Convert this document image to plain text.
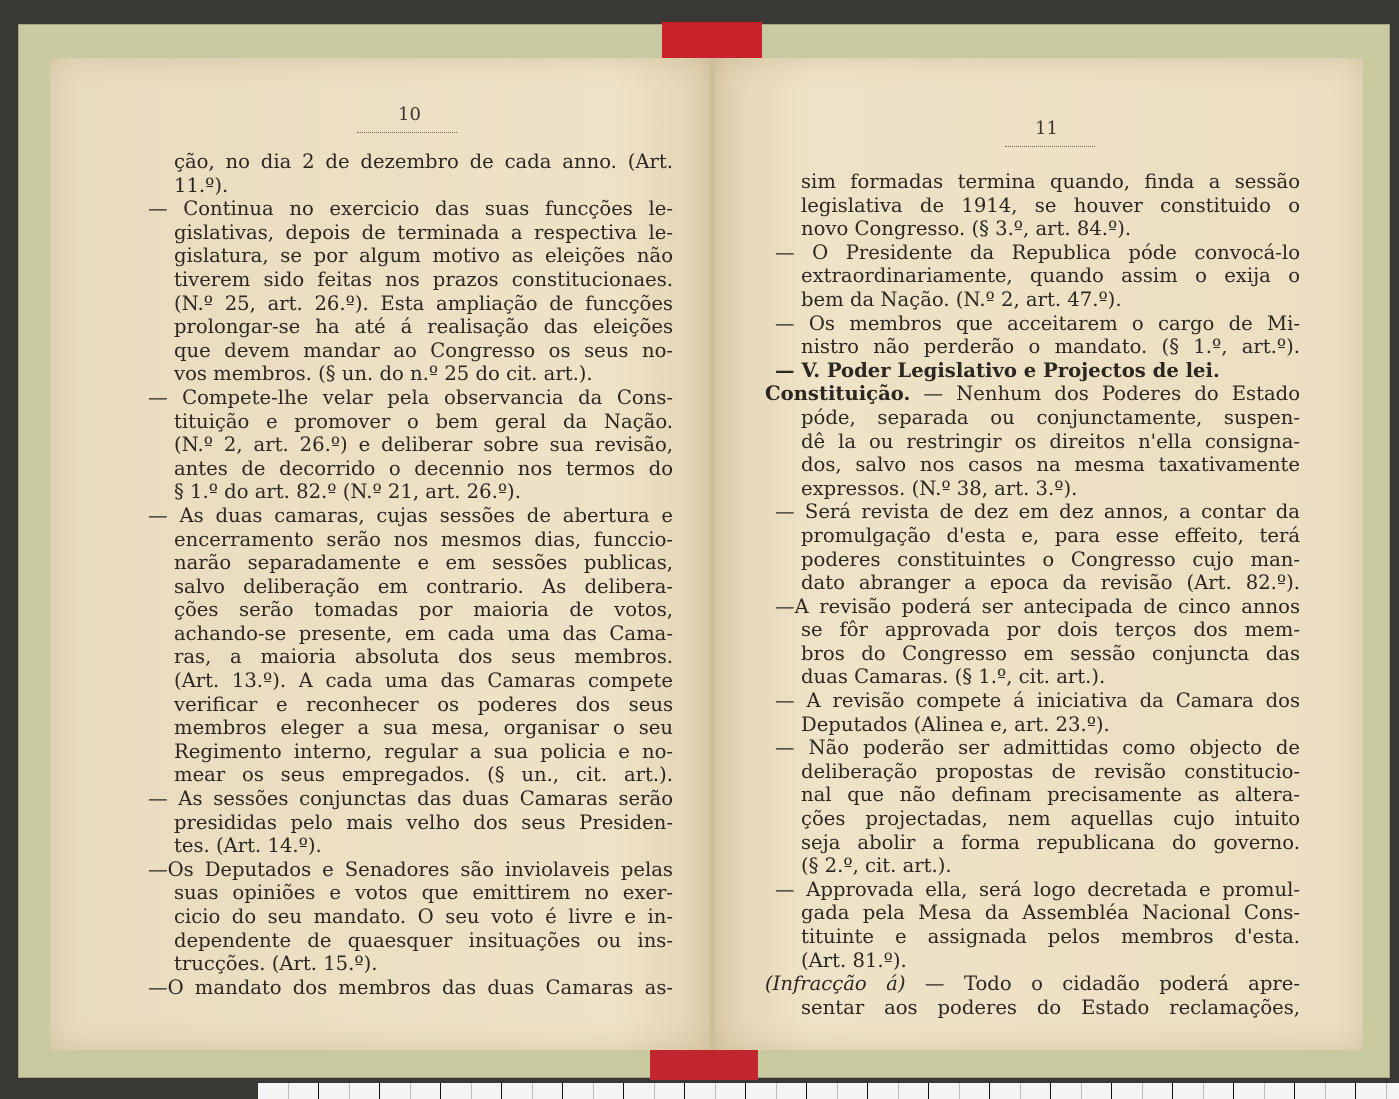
10
ção, no dia 2 de dezembro de cada anno. (Art.
11.º).
— Continua no exercicio das suas funcções le-
gislativas, depois de terminada a respectiva le-
gislatura, se por algum motivo as eleições não
tiverem sido feitas nos prazos constitucionaes.
(N.º 25, art. 26.º). Esta ampliação de funcções
prolongar-se ha até á realisação das eleições
que devem mandar ao Congresso os seus no-
vos membros. (§ un. do n.º 25 do cit. art.).
— Compete-lhe velar pela observancia da Cons-
tituição e promover o bem geral da Nação.
(N.º 2, art. 26.º) e deliberar sobre sua revisão,
antes de decorrido o decennio nos termos do
§ 1.º do art. 82.º (N.º 21, art. 26.º).
— As duas camaras, cujas sessões de abertura e
encerramento serão nos mesmos dias, funccio-
narão separadamente e em sessões publicas,
salvo deliberação em contrario. As delibera-
ções serão tomadas por maioria de votos,
achando-se presente, em cada uma das Cama-
ras, a maioria absoluta dos seus membros.
(Art. 13.º). A cada uma das Camaras compete
verificar e reconhecer os poderes dos seus
membros eleger a sua mesa, organisar o seu
Regimento interno, regular a sua policia e no-
mear os seus empregados. (§ un., cit. art.).
— As sessões conjunctas das duas Camaras serão
presididas pelo mais velho dos seus Presiden-
tes. (Art. 14.º).
—Os Deputados e Senadores são inviolaveis pelas
suas opiniões e votos que emittirem no exer-
cicio do seu mandato. O seu voto é livre e in-
dependente de quaesquer insituações ou ins-
trucções. (Art. 15.º).
—O mandato dos membros das duas Camaras as-
11
sim formadas termina quando, finda a sessão
legislativa de 1914, se houver constituido o
novo Congresso. (§ 3.º, art. 84.º).
— O Presidente da Republica póde convocá-lo
extraordinariamente, quando assim o exija o
bem da Nação. (N.º 2, art. 47.º).
— Os membros que acceitarem o cargo de Mi-
nistro não perderão o mandato. (§ 1.º, art.º).
— V. Poder Legislativo e Projectos de lei.
Constituição. — Nenhum dos Poderes do Estado
póde, separada ou conjunctamente, suspen-
dê la ou restringir os direitos n'ella consigna-
dos, salvo nos casos na mesma taxativamente
expressos. (N.º 38, art. 3.º).
— Será revista de dez em dez annos, a contar da
promulgação d'esta e, para esse effeito, terá
poderes constituintes o Congresso cujo man-
dato abranger a epoca da revisão (Art. 82.º).
—A revisão poderá ser antecipada de cinco annos
se fôr approvada por dois terços dos mem-
bros do Congresso em sessão conjuncta das
duas Camaras. (§ 1.º, cit. art.).
— A revisão compete á iniciativa da Camara dos
Deputados (Alinea e, art. 23.º).
— Não poderão ser admittidas como objecto de
deliberação propostas de revisão constitucio-
nal que não definam precisamente as altera-
ções projectadas, nem aquellas cujo intuito
seja abolir a forma republicana do governo.
(§ 2.º, cit. art.).
— Approvada ella, será logo decretada e promul-
gada pela Mesa da Assembléa Nacional Cons-
tituinte e assignada pelos membros d'esta.
(Art. 81.º).
(Infracção á) — Todo o cidadão poderá apre-
sentar aos poderes do Estado reclamações,
